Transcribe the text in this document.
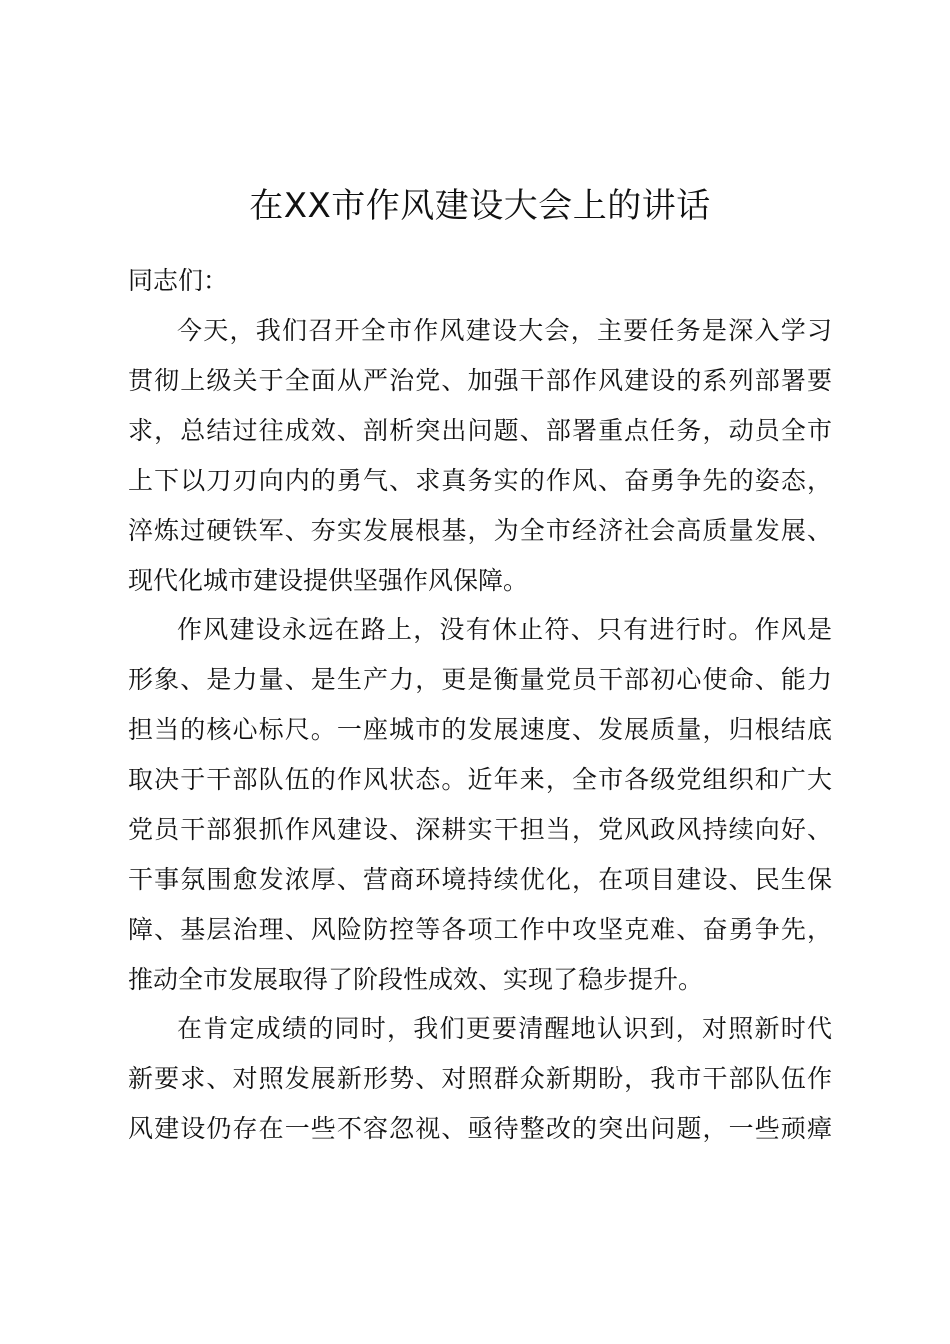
在XX市作风建设大会上的讲话

同志们：

今天，我们召开全市作风建设大会，主要任务是深入学习

贯彻上级关于全面从严治党、加强干部作风建设的系列部署要

求，总结过往成效、剖析突出问题、部署重点任务，动员全市

上下以刀刃向内的勇气、求真务实的作风、奋勇争先的姿态，

淬炼过硬铁军、夯实发展根基，为全市经济社会高质量发展、

现代化城市建设提供坚强作风保障。

作风建设永远在路上，没有休止符、只有进行时。作风是

形象、是力量、是生产力，更是衡量党员干部初心使命、能力

担当的核心标尺。一座城市的发展速度、发展质量，归根结底

取决于干部队伍的作风状态。近年来，全市各级党组织和广大

党员干部狠抓作风建设、深耕实干担当，党风政风持续向好、

干事氛围愈发浓厚、营商环境持续优化，在项目建设、民生保

障、基层治理、风险防控等各项工作中攻坚克难、奋勇争先，

推动全市发展取得了阶段性成效、实现了稳步提升。

在肯定成绩的同时，我们更要清醒地认识到，对照新时代

新要求、对照发展新形势、对照群众新期盼，我市干部队伍作

风建设仍存在一些不容忽视、亟待整改的突出问题，一些顽瘴
